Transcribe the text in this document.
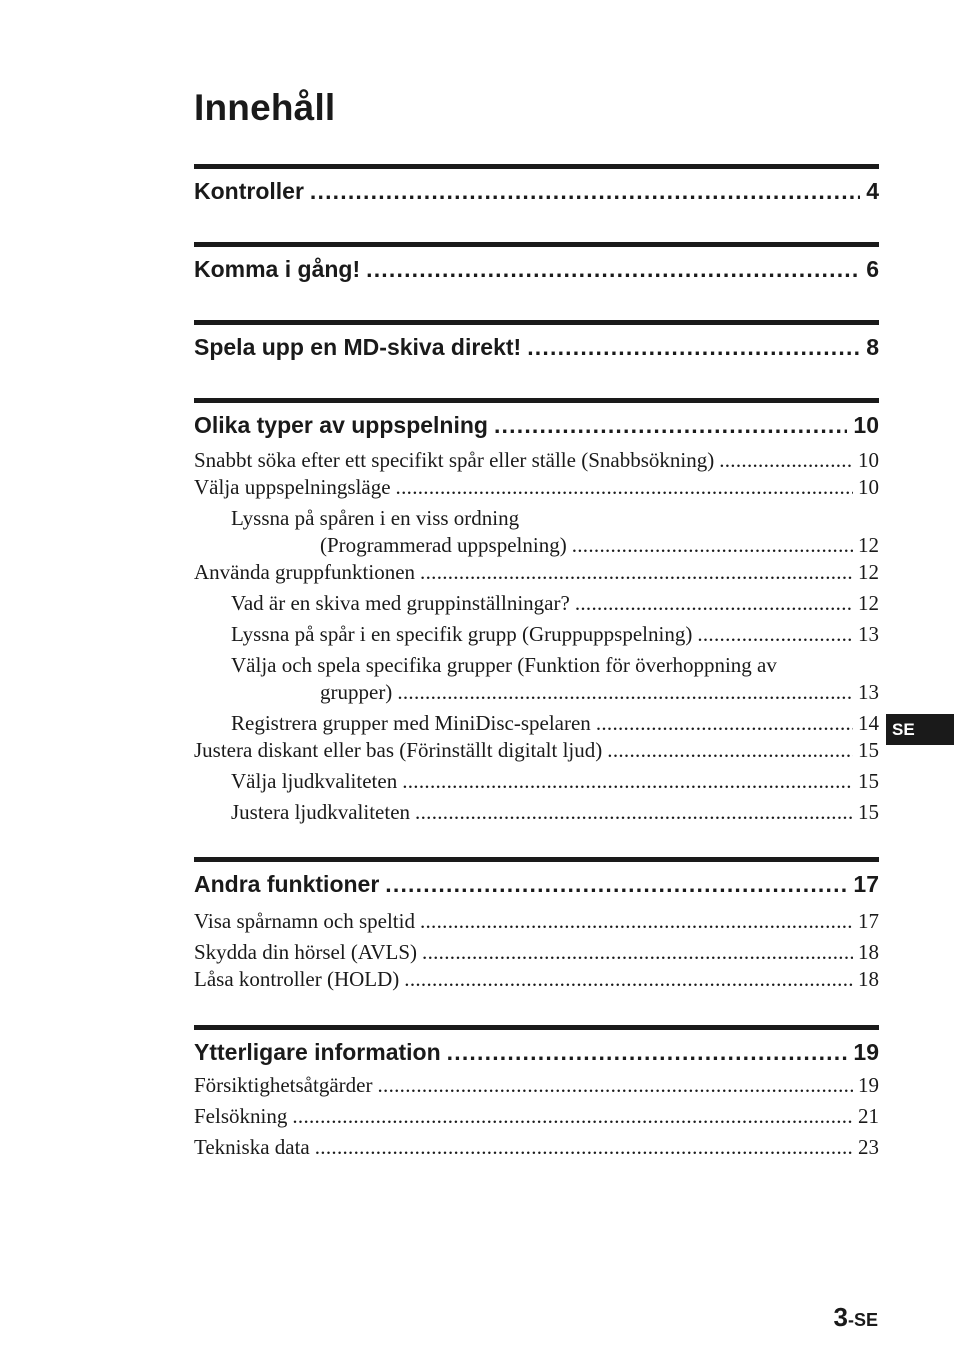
Innehåll
Kontroller .....	4
Komma i gång! .....	6
Spela upp en MD-skiva direkt! .....	8
Olika typer av uppspelning .....	10
Snabbt söka efter ett specifikt spår eller ställe (Snabbsökning) .....	10
Välja uppspelningsläge .....	10
Lyssna på spåren i en viss ordning
(Programmerad uppspelning) .....	12
Använda gruppfunktionen .....	12
Vad är en skiva med gruppinställningar? .....	12
Lyssna på spår i en specifik grupp (Gruppuppspelning) .....	13
Välja och spela specifika grupper (Funktion för överhoppning av
grupper) .....	13
Registrera grupper med MiniDisc-spelaren .....	14
Justera diskant eller bas (Förinställt digitalt ljud) .....	15
Välja ljudkvaliteten .....	15
Justera ljudkvaliteten .....	15
Andra funktioner .....	17
Visa spårnamn och speltid .....	17
Skydda din hörsel (AVLS) .....	18
Låsa kontroller (HOLD) .....	18
Ytterligare information .....	19
Försiktighetsåtgärder .....	19
Felsökning .....	21
Tekniska data .....	23
SE
3-SE
